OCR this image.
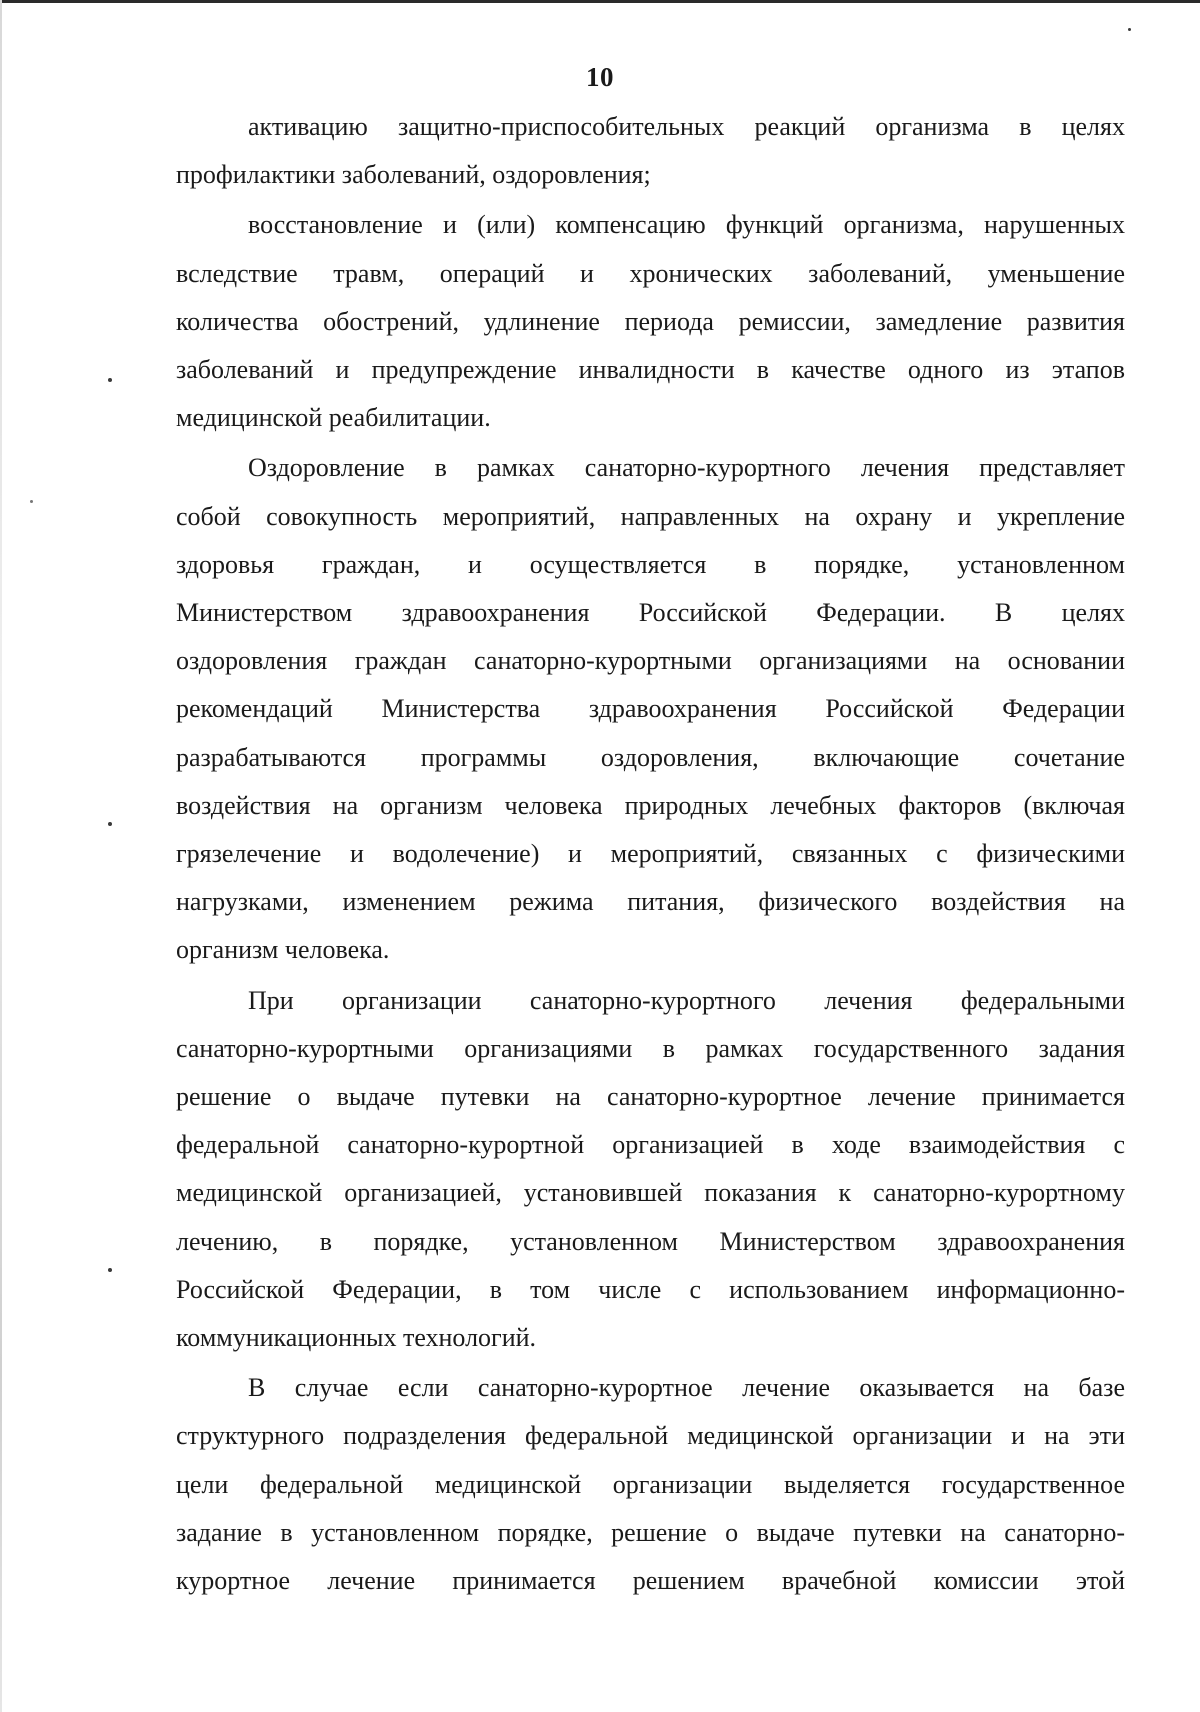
10
активацию защитно-приспособительных реакций организма в целях
профилактики заболеваний, оздоровления;
восстановление и (или) компенсацию функций организма, нарушенных
вследствие травм, операций и хронических заболеваний, уменьшение
количества обострений, удлинение периода ремиссии, замедление развития
заболеваний и предупреждение инвалидности в качестве одного из этапов
медицинской реабилитации.
Оздоровление в рамках санаторно-курортного лечения представляет
собой совокупность мероприятий, направленных на охрану и укрепление
здоровья граждан, и осуществляется в порядке, установленном
Министерством здравоохранения Российской Федерации. В целях
оздоровления граждан санаторно-курортными организациями на основании
рекомендаций Министерства здравоохранения Российской Федерации
разрабатываются программы оздоровления, включающие сочетание
воздействия на организм человека природных лечебных факторов (включая
грязелечение и водолечение) и мероприятий, связанных с физическими
нагрузками, изменением режима питания, физического воздействия на
организм человека.
При организации санаторно-курортного лечения федеральными
санаторно-курортными организациями в рамках государственного задания
решение о выдаче путевки на санаторно-курортное лечение принимается
федеральной санаторно-курортной организацией в ходе взаимодействия с
медицинской организацией, установившей показания к санаторно-курортному
лечению, в порядке, установленном Министерством здравоохранения
Российской Федерации, в том числе с использованием информационно-
коммуникационных технологий.
В случае если санаторно-курортное лечение оказывается на базе
структурного подразделения федеральной медицинской организации и на эти
цели федеральной медицинской организации выделяется государственное
задание в установленном порядке, решение о выдаче путевки на санаторно-
курортное лечение принимается решением врачебной комиссии этой
